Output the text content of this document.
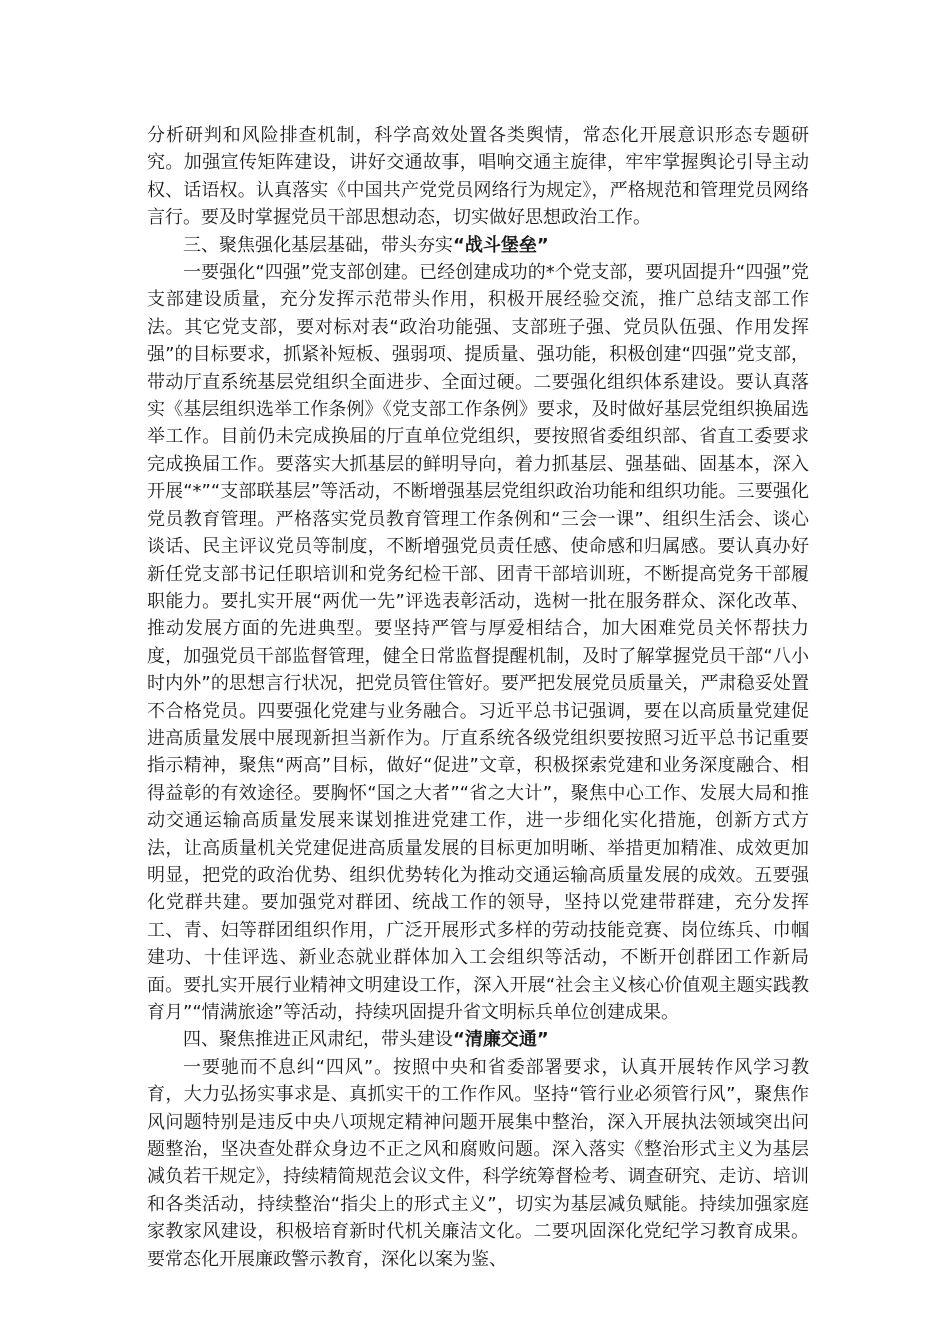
分析研判和风险排查机制，科学高效处置各类舆情，常态化开展意识形态专题研究。加强宣传矩阵建设，讲好交通故事，唱响交通主旋律，牢牢掌握舆论引导主动权、话语权。认真落实《中国共产党党员网络行为规定》，严格规范和管理党员网络言行。要及时掌握党员干部思想动态，切实做好思想政治工作。

三、聚焦强化基层基础，带头夯实“战斗堡垒”

一要强化“四强”党支部创建。已经创建成功的*个党支部，要巩固提升“四强”党支部建设质量，充分发挥示范带头作用，积极开展经验交流，推广总结支部工作法。其它党支部，要对标对表“政治功能强、支部班子强、党员队伍强、作用发挥强”的目标要求，抓紧补短板、强弱项、提质量、强功能，积极创建“四强”党支部，带动厅直系统基层党组织全面进步、全面过硬。二要强化组织体系建设。要认真落实《基层组织选举工作条例》《党支部工作条例》要求，及时做好基层党组织换届选举工作。目前仍未完成换届的厅直单位党组织，要按照省委组织部、省直工委要求完成换届工作。要落实大抓基层的鲜明导向，着力抓基层、强基础、固基本，深入开展“*”“支部联基层”等活动，不断增强基层党组织政治功能和组织功能。三要强化党员教育管理。严格落实党员教育管理工作条例和“三会一课”、组织生活会、谈心谈话、民主评议党员等制度，不断增强党员责任感、使命感和归属感。要认真办好新任党支部书记任职培训和党务纪检干部、团青干部培训班，不断提高党务干部履职能力。要扎实开展“两优一先”评选表彰活动，选树一批在服务群众、深化改革、推动发展方面的先进典型。要坚持严管与厚爱相结合，加大困难党员关怀帮扶力度，加强党员干部监督管理，健全日常监督提醒机制，及时了解掌握党员干部“八小时内外”的思想言行状况，把党员管住管好。要严把发展党员质量关，严肃稳妥处置不合格党员。四要强化党建与业务融合。习近平总书记强调，要在以高质量党建促进高质量发展中展现新担当新作为。厅直系统各级党组织要按照习近平总书记重要指示精神，聚焦“两高”目标，做好“促进”文章，积极探索党建和业务深度融合、相得益彰的有效途径。要胸怀“国之大者”“省之大计”，聚焦中心工作、发展大局和推动交通运输高质量发展来谋划推进党建工作，进一步细化实化措施，创新方式方法，让高质量机关党建促进高质量发展的目标更加明晰、举措更加精准、成效更加明显，把党的政治优势、组织优势转化为推动交通运输高质量发展的成效。五要强化党群共建。要加强党对群团、统战工作的领导，坚持以党建带群建，充分发挥工、青、妇等群团组织作用，广泛开展形式多样的劳动技能竞赛、岗位练兵、巾帼建功、十佳评选、新业态就业群体加入工会组织等活动，不断开创群团工作新局面。要扎实开展行业精神文明建设工作，深入开展“社会主义核心价值观主题实践教育月”“情满旅途”等活动，持续巩固提升省文明标兵单位创建成果。

四、聚焦推进正风肃纪，带头建设“清廉交通”

一要驰而不息纠“四风”。按照中央和省委部署要求，认真开展转作风学习教育，大力弘扬实事求是、真抓实干的工作作风。坚持“管行业必须管行风”，聚焦作风问题特别是违反中央八项规定精神问题开展集中整治，深入开展执法领域突出问题整治，坚决查处群众身边不正之风和腐败问题。深入落实《整治形式主义为基层减负若干规定》，持续精简规范会议文件，科学统筹督检考、调查研究、走访、培训和各类活动，持续整治“指尖上的形式主义”，切实为基层减负赋能。持续加强家庭家教家风建设，积极培育新时代机关廉洁文化。二要巩固深化党纪学习教育成果。要常态化开展廉政警示教育，深化以案为鉴、
